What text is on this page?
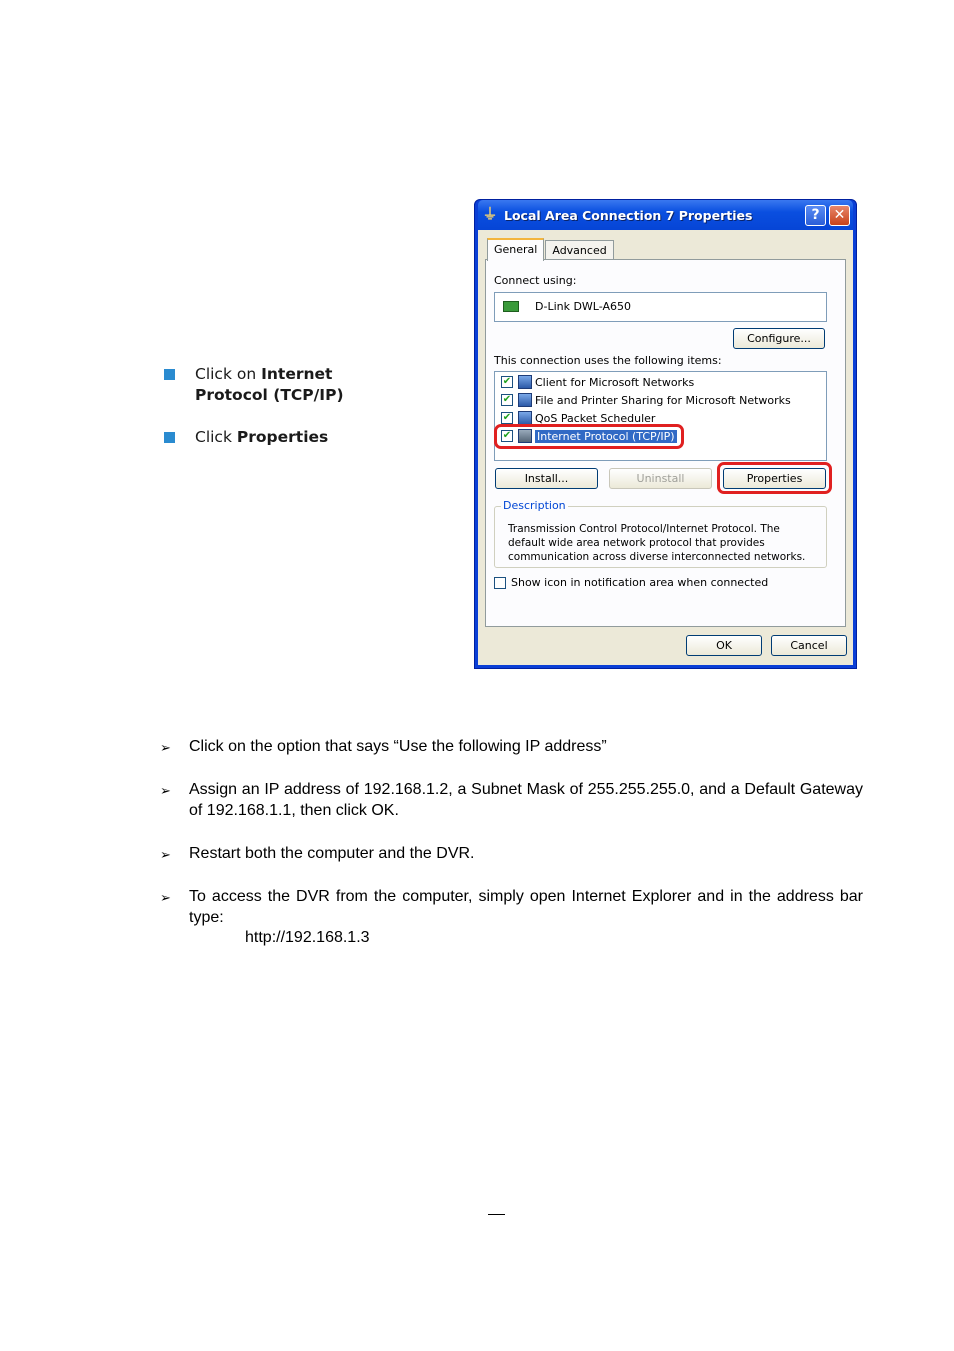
Click on Internet Protocol (TCP/IP)
Click Properties
⏚ Local Area Connection 7 Properties	?	✕
General	Advanced
Connect using:
D-Link DWL-A650
Configure...
This connection uses the following items:
✔ Client for Microsoft Networks
✔ File and Printer Sharing for Microsoft Networks
✔ QoS Packet Scheduler
✔ Internet Protocol (TCP/IP)
Install...	Uninstall	Properties
Description
Transmission Control Protocol/Internet Protocol. The default wide area network protocol that provides communication across diverse interconnected networks.
Show icon in notification area when connected
OK	Cancel
➢	Click on the option that says “Use the following IP address”
➢	Assign an IP address of 192.168.1.2, a Subnet Mask of 255.255.255.0, and a Default Gateway of 192.168.1.1, then click OK.
➢	Restart both the computer and the DVR.
➢	To access the DVR from the computer, simply open Internet Explorer and in the address bar type:
http://192.168.1.3
